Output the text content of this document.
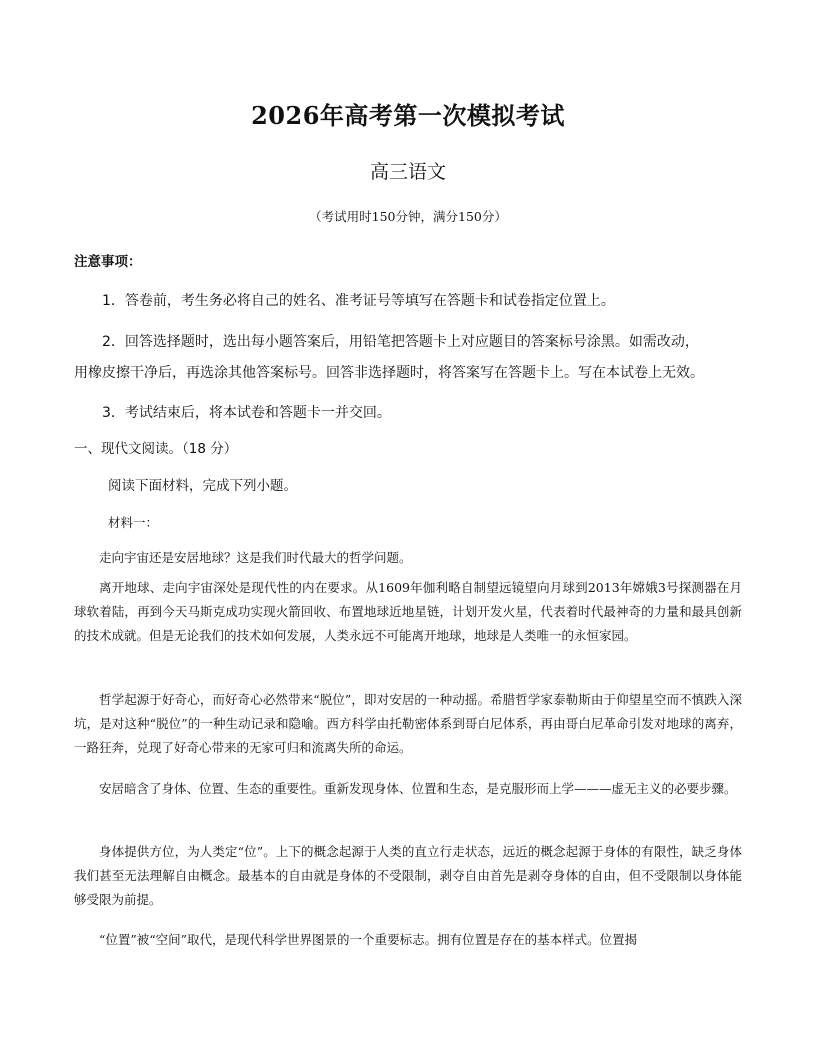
2026年高考第一次模拟考试
高三语文
（考试用时150分钟，满分150分）
注意事项：
1．答卷前，考生务必将自己的姓名、准考证号等填写在答题卡和试卷指定位置上。
2．回答选择题时，选出每小题答案后，用铅笔把答题卡上对应题目的答案标号涂黑。如需改动，
用橡皮擦干净后，再选涂其他答案标号。回答非选择题时，将答案写在答题卡上。写在本试卷上无效。
3．考试结束后，将本试卷和答题卡一并交回。
一、现代文阅读。（18 分）
阅读下面材料，完成下列小题。
材料一：

走向宇宙还是安居地球？这是我们时代最大的哲学问题。

离开地球、走向宇宙深处是现代性的内在要求。从1609年伽利略自制望远镜望向月球到2013年嫦娥3号探测器在月球软着陆，再到今天马斯克成功实现火箭回收、布置地球近地星链，计划开发火星，代表着时代最神奇的力量和最具创新的技术成就。但是无论我们的技术如何发展，人类永远不可能离开地球，地球是人类唯一的永恒家园。

哲学起源于好奇心，而好奇心必然带来“脱位”，即对安居的一种动摇。希腊哲学家泰勒斯由于仰望星空而不慎跌入深坑，是对这种“脱位”的一种生动记录和隐喻。西方科学由托勒密体系到哥白尼体系，再由哥白尼革命引发对地球的离弃，一路狂奔，兑现了好奇心带来的无家可归和流离失所的命运。

安居暗含了身体、位置、生态的重要性。重新发现身体、位置和生态，是克服形而上学———虚无主义的必要步骤。

身体提供方位，为人类定“位”。上下的概念起源于人类的直立行走状态，远近的概念起源于身体的有限性，缺乏身体我们甚至无法理解自由概念。最基本的自由就是身体的不受限制，剥夺自由首先是剥夺身体的自由，但不受限制以身体能够受限为前提。

“位置”被“空间”取代，是现代科学世界图景的一个重要标志。拥有位置是存在的基本样式。位置揭
